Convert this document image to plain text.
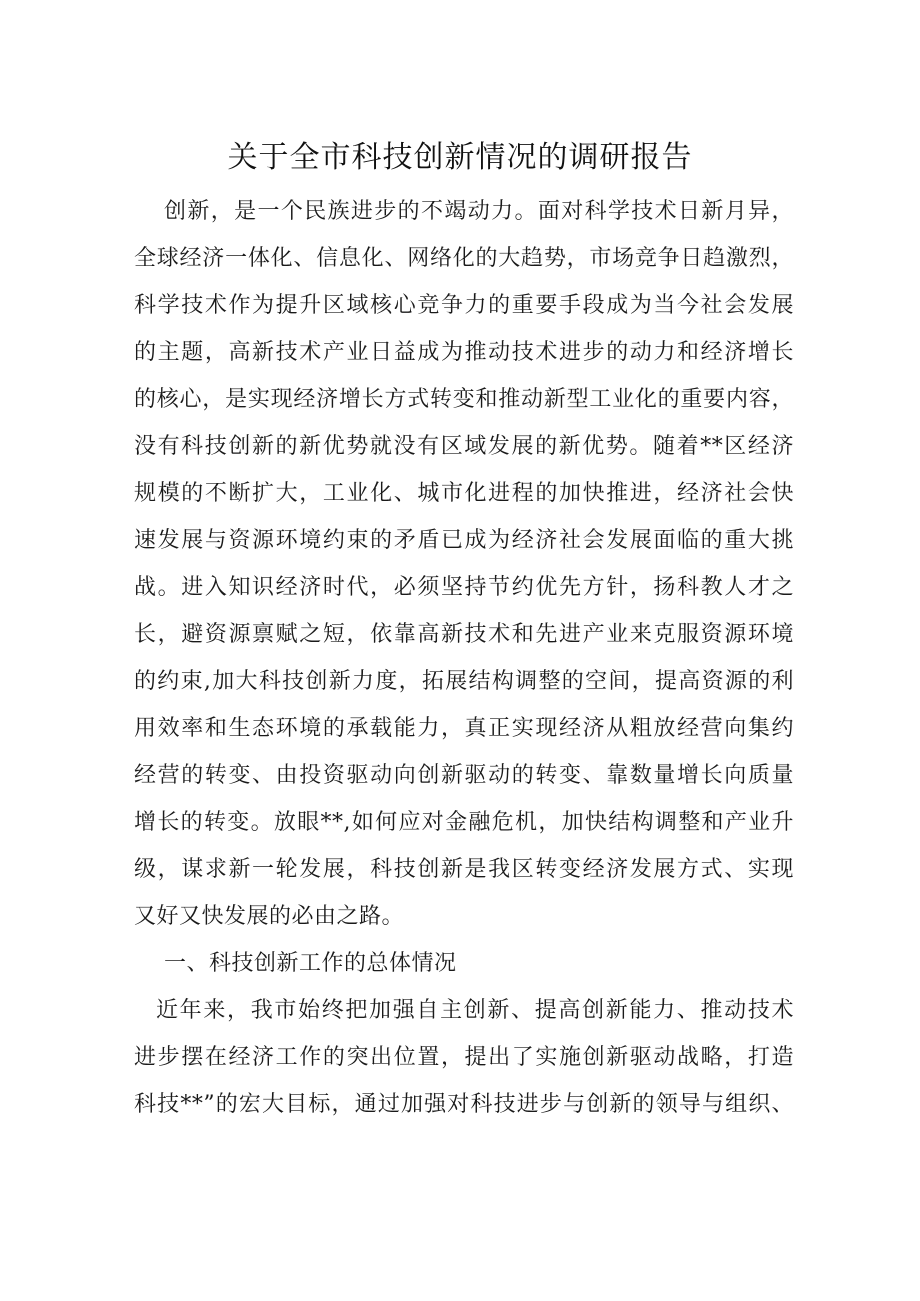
关于全市科技创新情况的调研报告
创新，是一个民族进步的不竭动力。面对科学技术日新月异，
全球经济一体化、信息化、网络化的大趋势，市场竞争日趋激烈，
科学技术作为提升区域核心竞争力的重要手段成为当今社会发展
的主题，高新技术产业日益成为推动技术进步的动力和经济增长
的核心，是实现经济增长方式转变和推动新型工业化的重要内容，
没有科技创新的新优势就没有区域发展的新优势。随着**区经济
规模的不断扩大，工业化、城市化进程的加快推进，经济社会快
速发展与资源环境约束的矛盾已成为经济社会发展面临的重大挑
战。进入知识经济时代，必须坚持节约优先方针，扬科教人才之
长，避资源禀赋之短，依靠高新技术和先进产业来克服资源环境
的约束,加大科技创新力度，拓展结构调整的空间，提高资源的利
用效率和生态环境的承载能力，真正实现经济从粗放经营向集约
经营的转变、由投资驱动向创新驱动的转变、靠数量增长向质量
增长的转变。放眼**,如何应对金融危机，加快结构调整和产业升
级，谋求新一轮发展，科技创新是我区转变经济发展方式、实现
又好又快发展的必由之路。
一、科技创新工作的总体情况
近年来，我市始终把加强自主创新、提高创新能力、推动技术
进步摆在经济工作的突出位置，提出了实施创新驱动战略，打造
科技**”的宏大目标，通过加强对科技进步与创新的领导与组织、
